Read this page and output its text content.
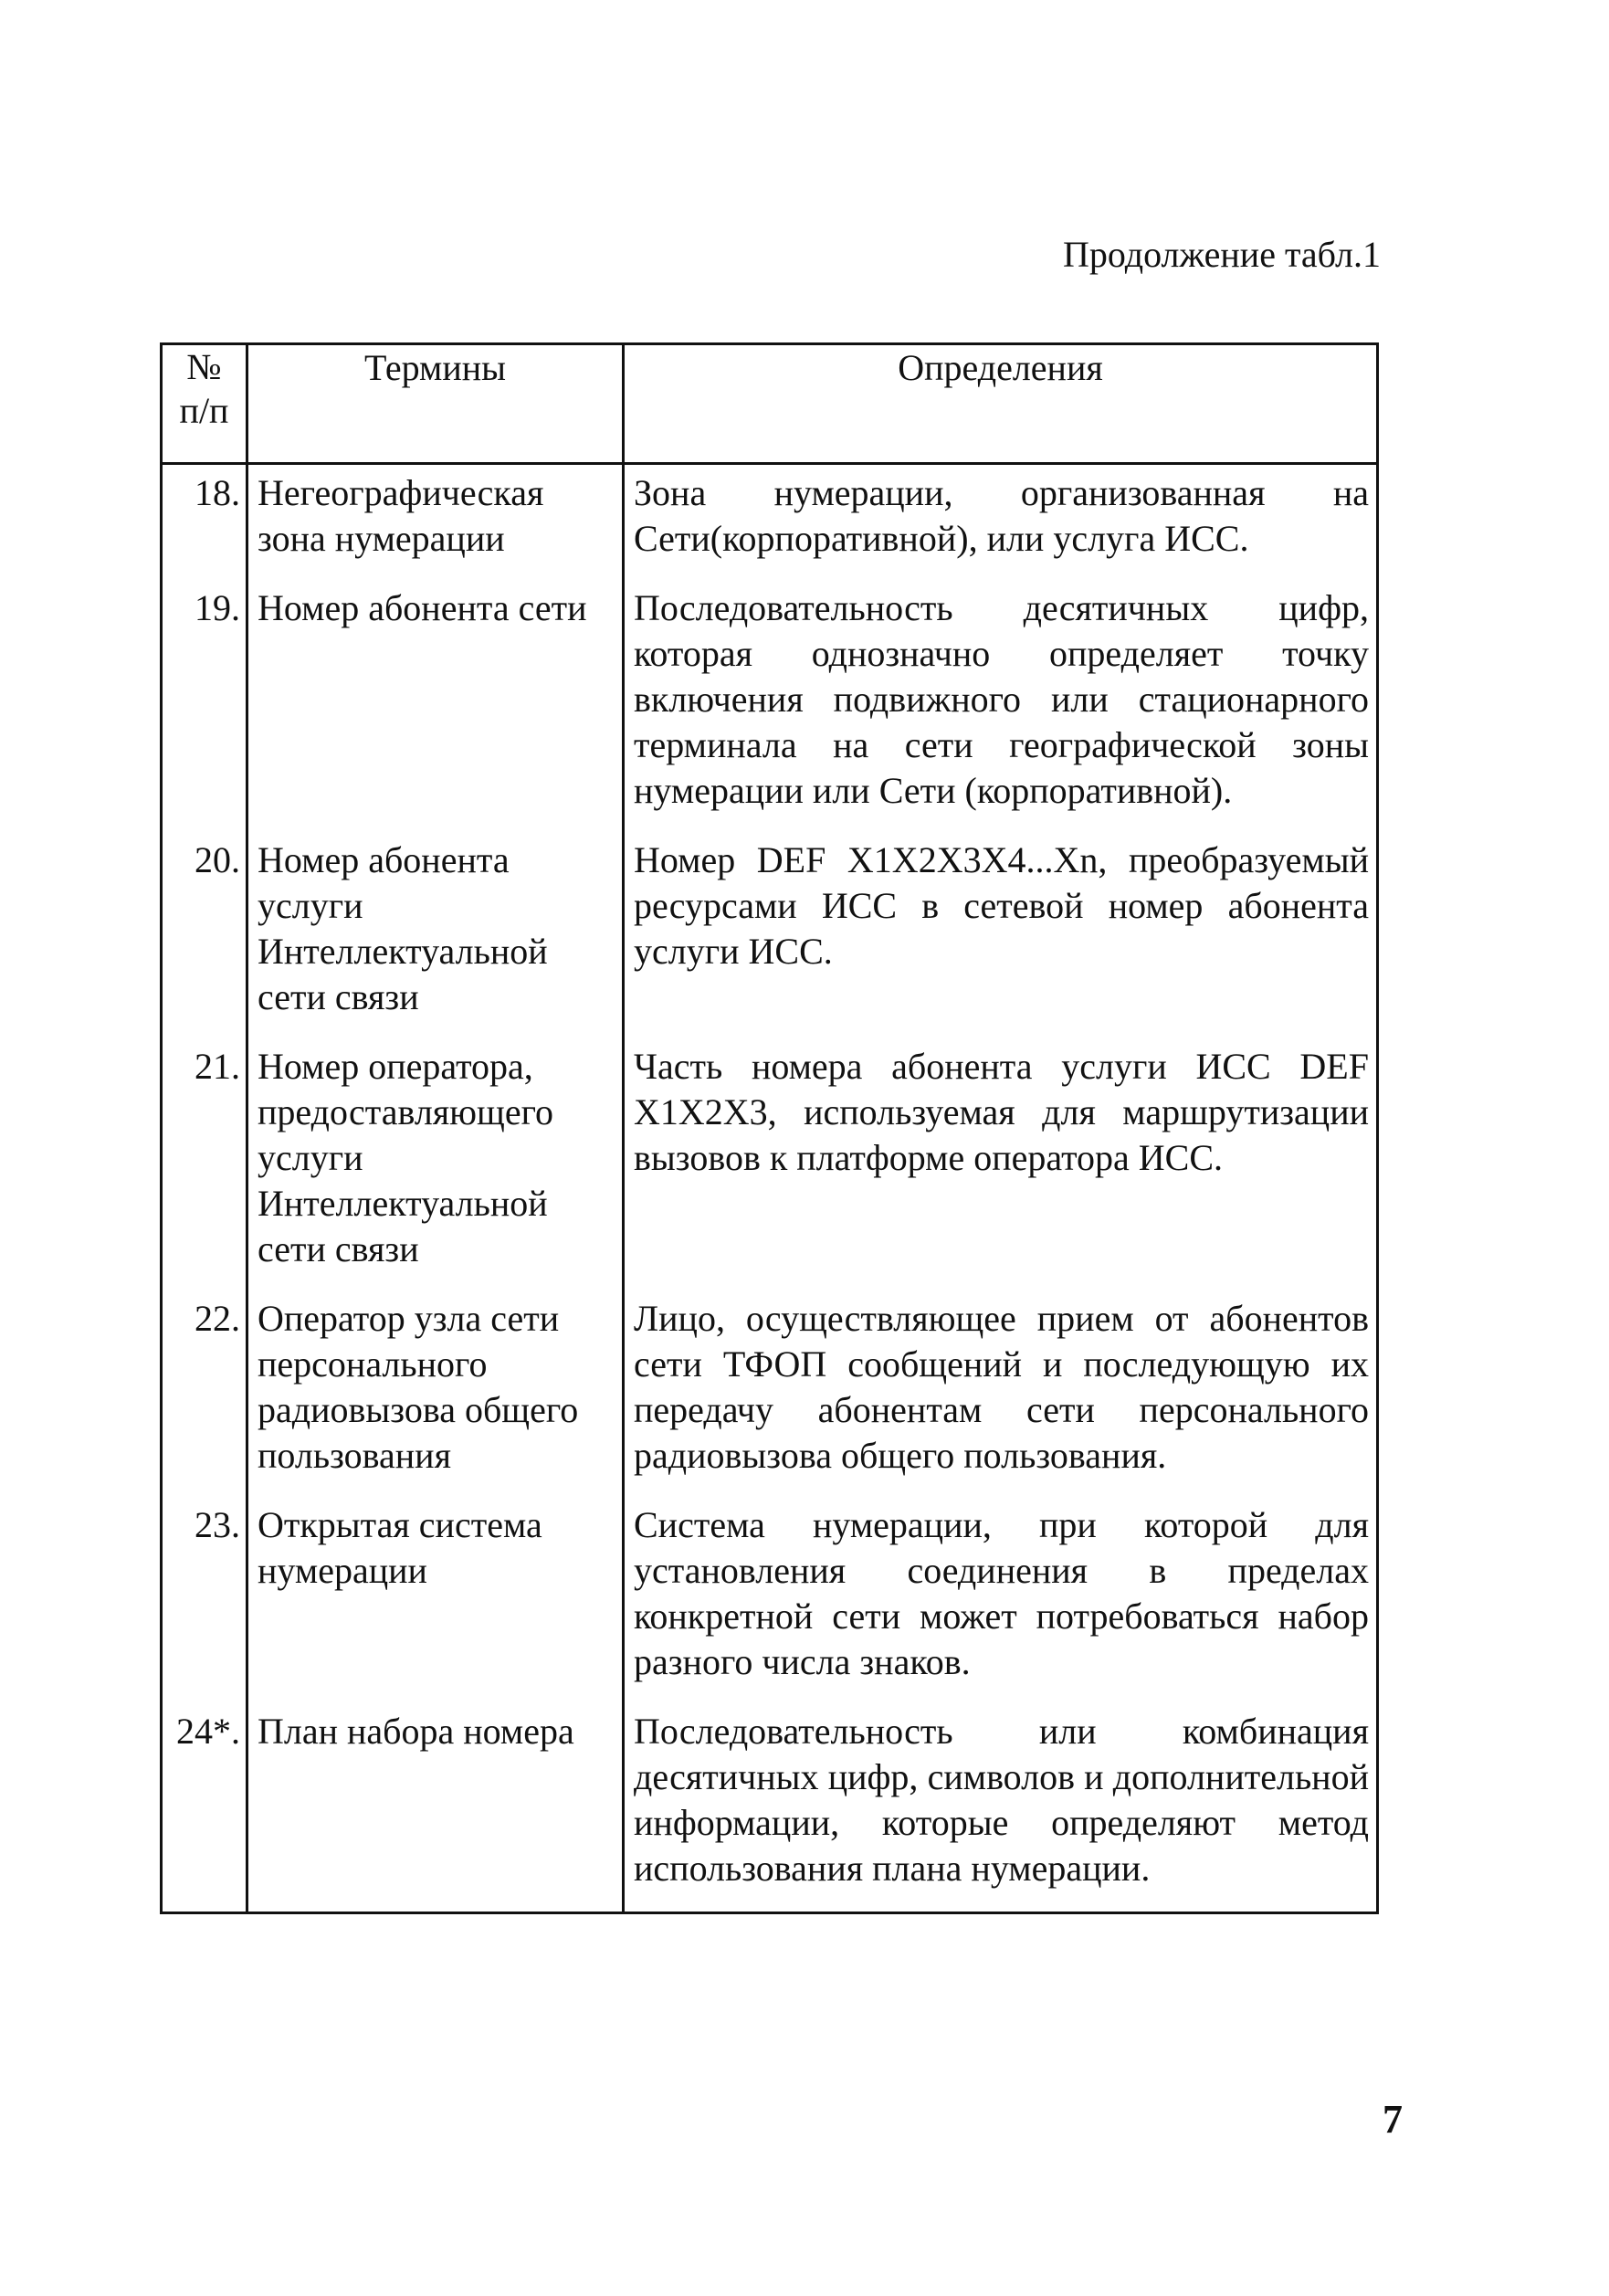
Продолжение табл.1
№
п/п	Термины	Определения
18.	Негеографическая зона нумерации	Зона нумерации, организованная на Сети(корпоративной), или услуга ИСС.
19.	Номер абонента сети	Последовательность десятичных цифр, которая однозначно определяет точку включения подвижного или стационарного терминала на сети географической зоны нумерации или Сети (корпоративной).
20.	Номер абонента услуги Интеллектуальной сети связи	Номер DEF X1X2X3X4...Xn, преобразуемый ресурсами ИСС в сетевой номер абонента услуги ИСС.
21.	Номер оператора, предоставляющего услуги Интеллектуальной сети связи	Часть номера абонента услуги ИСС DEF X1X2X3, используемая для маршрутизации вызовов к платформе оператора ИСС.
22.	Оператор узла сети персонального радиовызова общего пользования	Лицо, осуществляющее прием от абонентов сети ТФОП сообщений и последующую их передачу абонентам сети персонального радиовызова общего пользования.
23.	Открытая система нумерации	Система нумерации, при которой для установления соединения в пределах конкретной сети может потребоваться набор разного числа знаков.
24*.	План набора номера	Последовательность или комбинация десятичных цифр, символов и дополнительной информации, которые определяют метод использования плана нумерации.
7
